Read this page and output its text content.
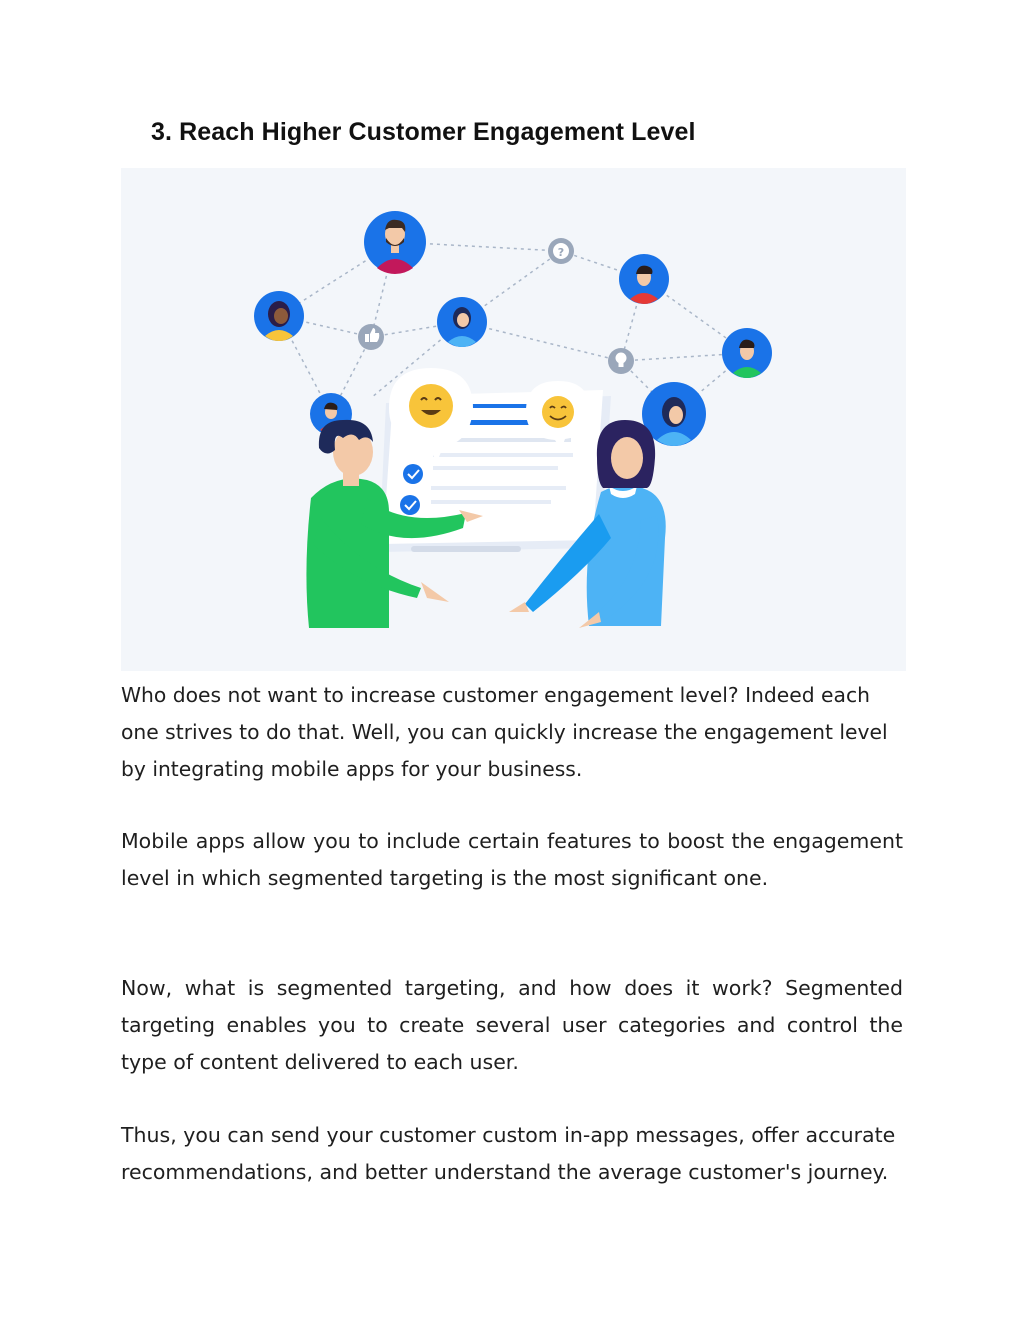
3. Reach Higher Customer Engagement Level
?

Who does not want to increase customer engagement level? Indeed each one strives to do that. Well, you can quickly increase the engagement level by integrating mobile apps for your business.

Mobile apps allow you to include certain features to boost the engagement level in which segmented targeting is the most significant one.

Now, what is segmented targeting, and how does it work? Segmented targeting enables you to create several user categories and control the type of content delivered to each user.

Thus, you can send your customer custom in-app messages, offer accurate recommendations, and better understand the average customer's journey.
